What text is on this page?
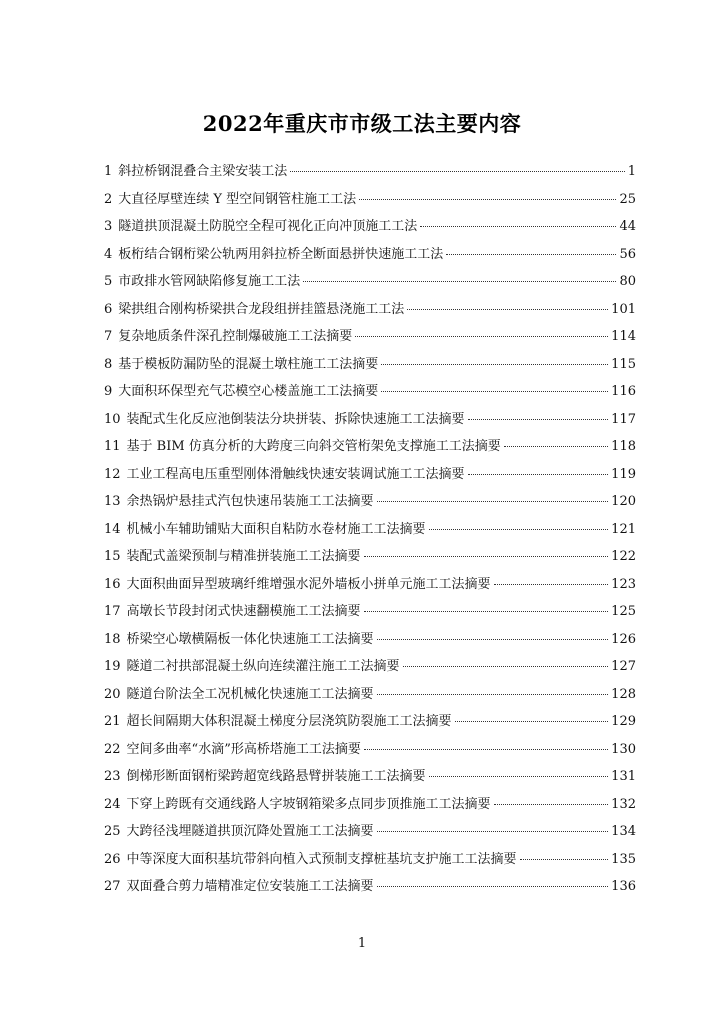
2022年重庆市市级工法主要内容
1 斜拉桥钢混叠合主梁安装工法	1
2 大直径厚壁连续 Y 型空间钢管柱施工工法	25
3 隧道拱顶混凝土防脱空全程可视化正向冲顶施工工法	44
4 板桁结合钢桁梁公轨两用斜拉桥全断面悬拼快速施工工法	56
5 市政排水管网缺陷修复施工工法	80
6 梁拱组合刚构桥梁拱合龙段组拼挂篮悬浇施工工法	101
7 复杂地质条件深孔控制爆破施工工法摘要	114
8 基于模板防漏防坠的混凝土墩柱施工工法摘要	115
9 大面积环保型充气芯模空心楼盖施工工法摘要	116
10 装配式生化反应池倒装法分块拼装、拆除快速施工工法摘要	117
11 基于 BIM 仿真分析的大跨度三向斜交管桁架免支撑施工工法摘要	118
12 工业工程高电压重型刚体滑触线快速安装调试施工工法摘要	119
13 余热锅炉悬挂式汽包快速吊装施工工法摘要	120
14 机械小车辅助铺贴大面积自粘防水卷材施工工法摘要	121
15 装配式盖梁预制与精准拼装施工工法摘要	122
16 大面积曲面异型玻璃纤维增强水泥外墙板小拼单元施工工法摘要	123
17 高墩长节段封闭式快速翻模施工工法摘要	125
18 桥梁空心墩横隔板一体化快速施工工法摘要	126
19 隧道二衬拱部混凝土纵向连续灌注施工工法摘要	127
20 隧道台阶法全工况机械化快速施工工法摘要	128
21 超长间隔期大体积混凝土梯度分层浇筑防裂施工工法摘要	129
22 空间多曲率“水滴”形高桥塔施工工法摘要	130
23 倒梯形断面钢桁梁跨超宽线路悬臂拼装施工工法摘要	131
24 下穿上跨既有交通线路人字坡钢箱梁多点同步顶推施工工法摘要	132
25 大跨径浅埋隧道拱顶沉降处置施工工法摘要	134
26 中等深度大面积基坑带斜向植入式预制支撑桩基坑支护施工工法摘要	135
27 双面叠合剪力墙精准定位安装施工工法摘要	136
1
